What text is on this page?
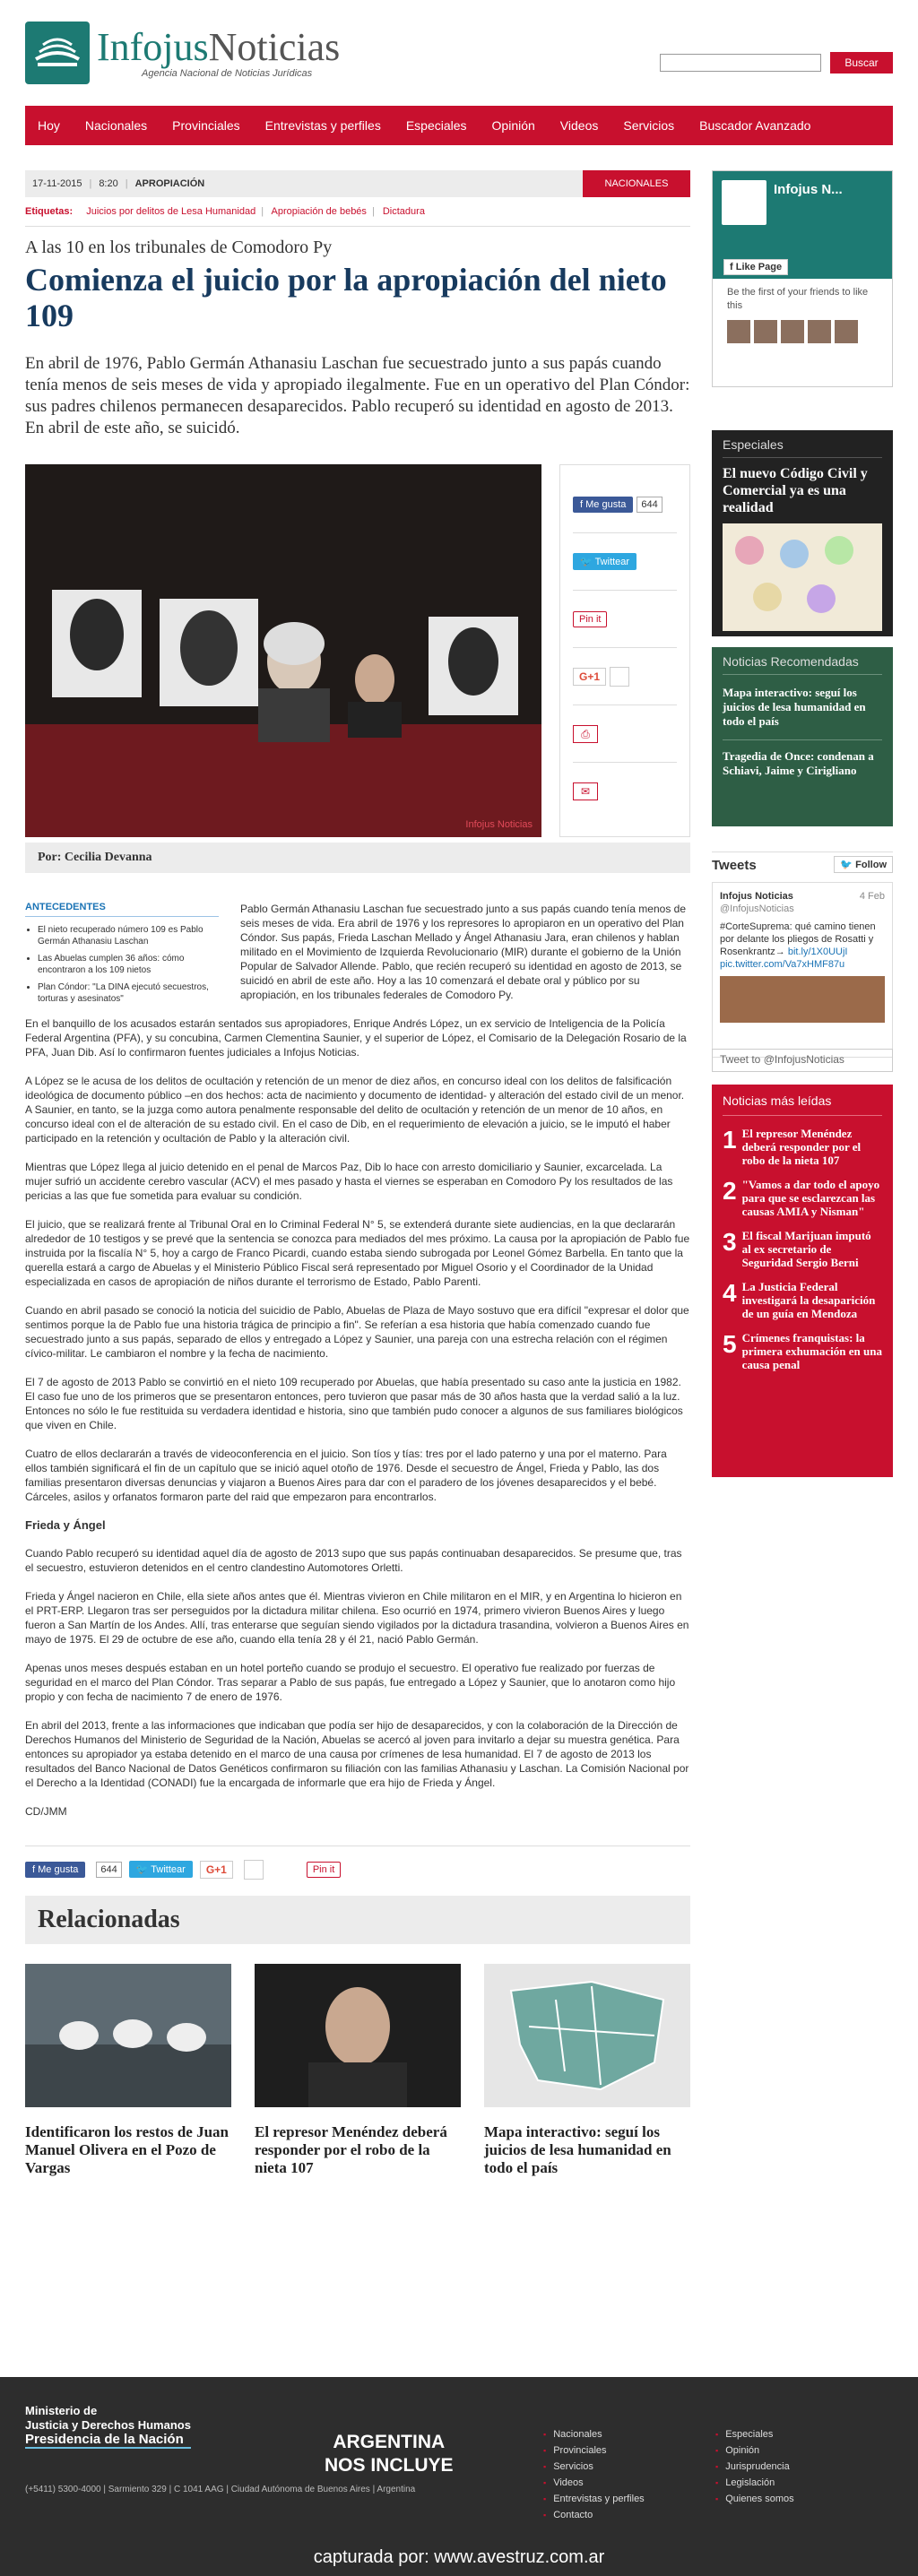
InfojusNoticias
Agencia Nacional de Noticias Jurídicas
Buscar
Hoy	Nacionales	Provinciales	Entrevistas y perfiles	Especiales	Opinión	Videos	Servicios	Buscador Avanzado
17-11-2015 | 8:20 | APROPIACIÓN	NACIONALES
Etiquetas: Juicios por delitos de Lesa Humanidad | Apropiación de bebés | Dictadura
A las 10 en los tribunales de Comodoro Py
Comienza el juicio por la apropiación del nieto 109
En abril de 1976, Pablo Germán Athanasiu Laschan fue secuestrado junto a sus papás cuando tenía menos de seis meses de vida y apropiado ilegalmente. Fue en un operativo del Plan Cóndor: sus padres chilenos permanecen desaparecidos. Pablo recuperó su identidad en agosto de 2013. En abril de este año, se suicidó.
Infojus Noticias
f Me gusta	644
🐦 Twittear
Pin it
G+1
⎙
✉
Por: Cecilia Devanna
ANTECEDENTES
• El nieto recuperado número 109 es Pablo Germán Athanasiu Laschan
• Las Abuelas cumplen 36 años: cómo encontraron a los 109 nietos
• Plan Cóndor: "La DINA ejecutó secuestros, torturas y asesinatos"

Pablo Germán Athanasiu Laschan fue secuestrado junto a sus papás cuando tenía menos de seis meses de vida. Era abril de 1976 y los represores lo apropiaron en un operativo del Plan Cóndor. Sus papás, Frieda Laschan Mellado y Ángel Athanasiu Jara, eran chilenos y hablan militado en el Movimiento de Izquierda Revolucionario (MIR) durante el gobierno de la Unión Popular de Salvador Allende. Pablo, que recién recuperó su identidad en agosto de 2013, se suicidó en abril de este año. Hoy a las 10 comenzará el debate oral y público por su apropiación, en los tribunales federales de Comodoro Py.

En el banquillo de los acusados estarán sentados sus apropiadores, Enrique Andrés López, un ex servicio de Inteligencia de la Policía Federal Argentina (PFA), y su concubina, Carmen Clementina Saunier, y el superior de López, el Comisario de la Delegación Rosario de la PFA, Juan Dib. Así lo confirmaron fuentes judiciales a Infojus Noticias.

A López se le acusa de los delitos de ocultación y retención de un menor de diez años, en concurso ideal con los delitos de falsificación ideológica de documento público –en dos hechos: acta de nacimiento y documento de identidad- y alteración del estado civil de un menor. A Saunier, en tanto, se la juzga como autora penalmente responsable del delito de ocultación y retención de un menor de 10 años, en concurso ideal con el de alteración de su estado civil. En el caso de Dib, en el requerimiento de elevación a juicio, se le imputó el haber participado en la retención y ocultación de Pablo y la alteración civil.

Mientras que López llega al juicio detenido en el penal de Marcos Paz, Dib lo hace con arresto domiciliario y Saunier, excarcelada. La mujer sufrió un accidente cerebro vascular (ACV) el mes pasado y hasta el viernes se esperaban en Comodoro Py los resultados de las pericias a las que fue sometida para evaluar su condición.

El juicio, que se realizará frente al Tribunal Oral en lo Criminal Federal N° 5, se extenderá durante siete audiencias, en la que declararán alrededor de 10 testigos y se prevé que la sentencia se conozca para mediados del mes próximo. La causa por la apropiación de Pablo fue instruida por la fiscalía N° 5, hoy a cargo de Franco Picardi, cuando estaba siendo subrogada por Leonel Gómez Barbella. En tanto que la querella estará a cargo de Abuelas y el Ministerio Público Fiscal será representado por Miguel Osorio y el Coordinador de la Unidad especializada en casos de apropiación de niños durante el terrorismo de Estado, Pablo Parenti.

Cuando en abril pasado se conoció la noticia del suicidio de Pablo, Abuelas de Plaza de Mayo sostuvo que era difícil "expresar el dolor que sentimos porque la de Pablo fue una historia trágica de principio a fin". Se referían a esa historia que había comenzado cuando fue secuestrado junto a sus papás, separado de ellos y entregado a López y Saunier, una pareja con una estrecha relación con el régimen cívico-militar. Le cambiaron el nombre y la fecha de nacimiento.

El 7 de agosto de 2013 Pablo se convirtió en el nieto 109 recuperado por Abuelas, que había presentado su caso ante la justicia en 1982. El caso fue uno de los primeros que se presentaron entonces, pero tuvieron que pasar más de 30 años hasta que la verdad salió a la luz. Entonces no sólo le fue restituida su verdadera identidad e historia, sino que también pudo conocer a algunos de sus familiares biológicos que viven en Chile.

Cuatro de ellos declararán a través de videoconferencia en el juicio. Son tíos y tías: tres por el lado paterno y una por el materno. Para ellos también significará el fin de un capítulo que se inició aquel otoño de 1976. Desde el secuestro de Ángel, Frieda y Pablo, las dos familias presentaron diversas denuncias y viajaron a Buenos Aires para dar con el paradero de los jóvenes desaparecidos y el bebé. Cárceles, asilos y orfanatos formaron parte del raid que empezaron para encontrarlos.

Frieda y Ángel

Cuando Pablo recuperó su identidad aquel día de agosto de 2013 supo que sus papás continuaban desaparecidos. Se presume que, tras el secuestro, estuvieron detenidos en el centro clandestino Automotores Orletti.

Frieda y Ángel nacieron en Chile, ella siete años antes que él. Mientras vivieron en Chile militaron en el MIR, y en Argentina lo hicieron en el PRT-ERP. Llegaron tras ser perseguidos por la dictadura militar chilena. Eso ocurrió en 1974, primero vivieron Buenos Aires y luego fueron a San Martín de los Andes. Allí, tras enterarse que seguían siendo vigilados por la dictadura trasandina, volvieron a Buenos Aires en mayo de 1975. El 29 de octubre de ese año, cuando ella tenía 28 y él 21, nació Pablo Germán.

Apenas unos meses después estaban en un hotel porteño cuando se produjo el secuestro. El operativo fue realizado por fuerzas de seguridad en el marco del Plan Cóndor. Tras separar a Pablo de sus papás, fue entregado a López y Saunier, que lo anotaron como hijo propio y con fecha de nacimiento 7 de enero de 1976.

En abril del 2013, frente a las informaciones que indicaban que podía ser hijo de desaparecidos, y con la colaboración de la Dirección de Derechos Humanos del Ministerio de Seguridad de la Nación, Abuelas se acercó al joven para invitarlo a dejar su muestra genética. Para entonces su apropiador ya estaba detenido en el marco de una causa por crímenes de lesa humanidad. El 7 de agosto de 2013 los resultados del Banco Nacional de Datos Genéticos confirmaron su filiación con las familias Athanasiu y Laschan. La Comisión Nacional por el Derecho a la Identidad (CONADI) fue la encargada de informarle que era hijo de Frieda y Ángel.

CD/JMM

f Me gusta	644	🐦 Twittear	G+1	Pin it
Relacionadas
Identificaron los restos de Juan Manuel Olivera en el Pozo de Vargas
El represor Menéndez deberá responder por el robo de la nieta 107
Mapa interactivo: seguí los juicios de lesa humanidad en todo el país
Infojus N...
f Like Page
Be the first of your friends to like this
Especiales
El nuevo Código Civil y Comercial ya es una realidad
Noticias Recomendadas
Mapa interactivo: seguí los juicios de lesa humanidad en todo el país
Tragedia de Once: condenan a Schiavi, Jaime y Cirigliano
Tweets	🐦 Follow
Infojus Noticias	4 Feb
@InfojusNoticias
#CorteSuprema: qué camino tienen por delante los pliegos de Rosatti y Rosenkrantz→ bit.ly/1X0UUjI pic.twitter.com/Va7xHMF87u
Tweet to @InfojusNoticias
Noticias más leídas
1 El represor Menéndez deberá responder por el robo de la nieta 107
2 "Vamos a dar todo el apoyo para que se esclarezcan las causas AMIA y Nisman"
3 El fiscal Marijuan imputó al ex secretario de Seguridad Sergio Berni
4 La Justicia Federal investigará la desaparición de un guía en Mendoza
5 Crímenes franquistas: la primera exhumación en una causa penal
Ministerio de
Justicia y Derechos Humanos
Presidencia de la Nación	ARGENTINA
NOS INCLUYE
(+5411) 5300-4000 | Sarmiento 329 | C 1041 AAG | Ciudad Autónoma de Buenos Aires | Argentina
▪ Nacionales
▪ Provinciales
▪ Servicios
▪ Videos
▪ Entrevistas y perfiles
▪ Contacto
▪ Especiales
▪ Opinión
▪ Jurisprudencia
▪ Legislación
▪ Quienes somos
capturada por: www.avestruz.com.ar
